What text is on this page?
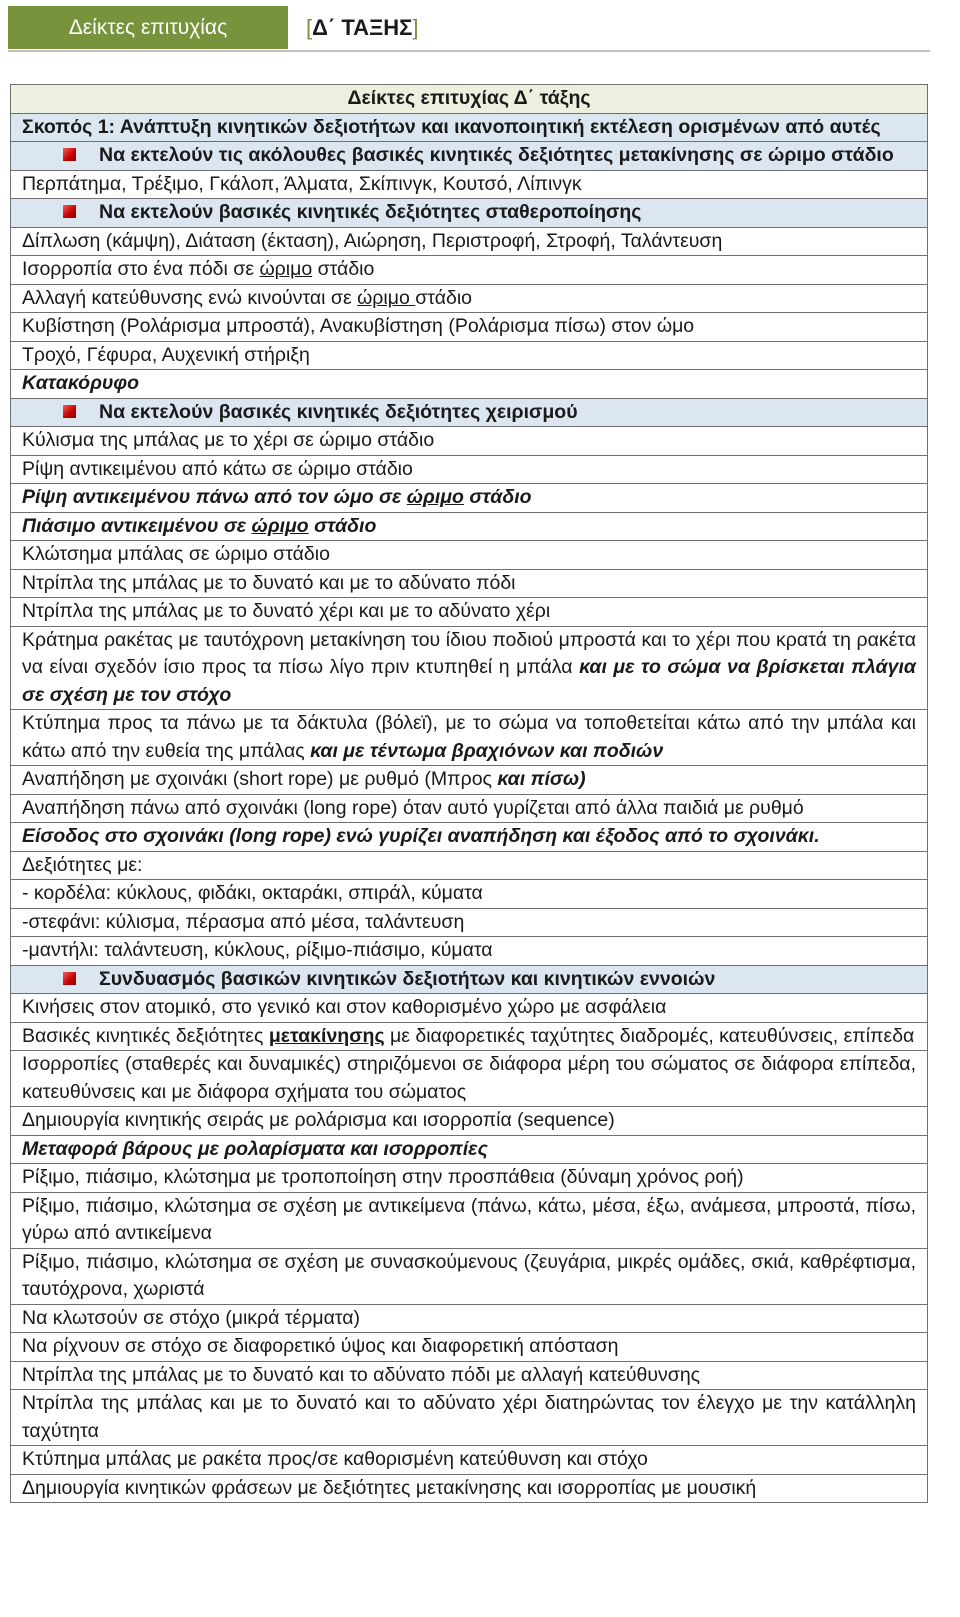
Δείκτες επιτυχίας	[Δ΄ ΤΑΞΗΣ]
Δείκτες επιτυχίας Δ΄ τάξης
Σκοπός 1: Ανάπτυξη κινητικών δεξιοτήτων και ικανοποιητική εκτέλεση ορισμένων από αυτές

Να εκτελούν τις ακόλουθες βασικές κινητικές δεξιότητες μετακίνησης σε ώριμο στάδιο
Περπάτημα, Τρέξιμο, Γκάλοπ, Άλματα, Σκίπινγκ, Κουτσό, Λίπινγκ

Να εκτελούν βασικές κινητικές δεξιότητες σταθεροποίησης
Δίπλωση (κάμψη), Διάταση (έκταση), Αιώρηση, Περιστροφή, Στροφή, Ταλάντευση
Ισορροπία στο ένα πόδι σε ώριμο στάδιο
Αλλαγή κατεύθυνσης ενώ κινούνται σε ώριμο στάδιο
Κυβίστηση (Ρολάρισμα μπροστά), Ανακυβίστηση (Ρολάρισμα πίσω) στον ώμο
Τροχό, Γέφυρα, Αυχενική στήριξη
Κατακόρυφο

Να εκτελούν βασικές κινητικές δεξιότητες χειρισμού
Κύλισμα της μπάλας με το χέρι σε ώριμο στάδιο
Ρίψη αντικειμένου από κάτω σε ώριμο στάδιο
Ρίψη αντικειμένου πάνω από τον ώμο σε ώριμο στάδιο
Πιάσιμο αντικειμένου σε ώριμο στάδιο
Κλώτσημα μπάλας σε ώριμο στάδιο
Ντρίπλα της μπάλας με το δυνατό και με το αδύνατο πόδι
Ντρίπλα της μπάλας με το δυνατό χέρι και με το αδύνατο χέρι
Κράτημα ρακέτας με ταυτόχρονη μετακίνηση του ίδιου ποδιού μπροστά και το χέρι που κρατά τη ρακέτα να είναι σχεδόν ίσιο προς τα πίσω λίγο πριν κτυπηθεί η μπάλα και με το σώμα να βρίσκεται πλάγια σε σχέση με τον στόχο
Κτύπημα προς τα πάνω με τα δάκτυλα (βόλεϊ), με το σώμα να τοποθετείται κάτω από την μπάλα και κάτω από την ευθεία της μπάλας και με τέντωμα βραχιόνων και ποδιών
Αναπήδηση με σχοινάκι (short rope) με ρυθμό (Μπρος και πίσω)
Αναπήδηση πάνω από σχοινάκι (long rope) όταν αυτό γυρίζεται από άλλα παιδιά με ρυθμό
Είσοδος στο σχοινάκι (long rope) ενώ γυρίζει αναπήδηση και έξοδος από το σχοινάκι.
Δεξιότητες με:
- κορδέλα: κύκλους, φιδάκι, οκταράκι, σπιράλ, κύματα
-στεφάνι: κύλισμα, πέρασμα από μέσα, ταλάντευση
-μαντήλι: ταλάντευση, κύκλους, ρίξιμο-πιάσιμο, κύματα

Συνδυασμός βασικών κινητικών δεξιοτήτων και κινητικών εννοιών
Κινήσεις στον ατομικό, στο γενικό και στον καθορισμένο χώρο με ασφάλεια
Βασικές κινητικές δεξιότητες μετακίνησης με διαφορετικές ταχύτητες διαδρομές, κατευθύνσεις, επίπεδα
Ισορροπίες (σταθερές και δυναμικές) στηριζόμενοι σε διάφορα μέρη του σώματος σε διάφορα επίπεδα, κατευθύνσεις και με διάφορα σχήματα του σώματος
Δημιουργία κινητικής σειράς με ρολάρισμα και ισορροπία (sequence)
Μεταφορά βάρους με ρολαρίσματα και ισορροπίες
Ρίξιμο, πιάσιμο, κλώτσημα με τροποποίηση στην προσπάθεια (δύναμη χρόνος ροή)
Ρίξιμο, πιάσιμο, κλώτσημα σε σχέση με αντικείμενα (πάνω, κάτω, μέσα, έξω, ανάμεσα, μπροστά, πίσω, γύρω από αντικείμενα
Ρίξιμο, πιάσιμο, κλώτσημα σε σχέση με συνασκούμενους (ζευγάρια, μικρές ομάδες, σκιά, καθρέφτισμα, ταυτόχρονα, χωριστά
Να κλωτσούν σε στόχο (μικρά τέρματα)
Να ρίχνουν σε στόχο σε διαφορετικό ύψος και διαφορετική απόσταση
Ντρίπλα της μπάλας με το δυνατό και το αδύνατο πόδι με αλλαγή κατεύθυνσης
Ντρίπλα της μπάλας και με το δυνατό και το αδύνατο χέρι διατηρώντας τον έλεγχο με την κατάλληλη ταχύτητα
Κτύπημα μπάλας με ρακέτα προς/σε καθορισμένη κατεύθυνση και στόχο
Δημιουργία κινητικών φράσεων με δεξιότητες μετακίνησης και ισορροπίας με μουσική
